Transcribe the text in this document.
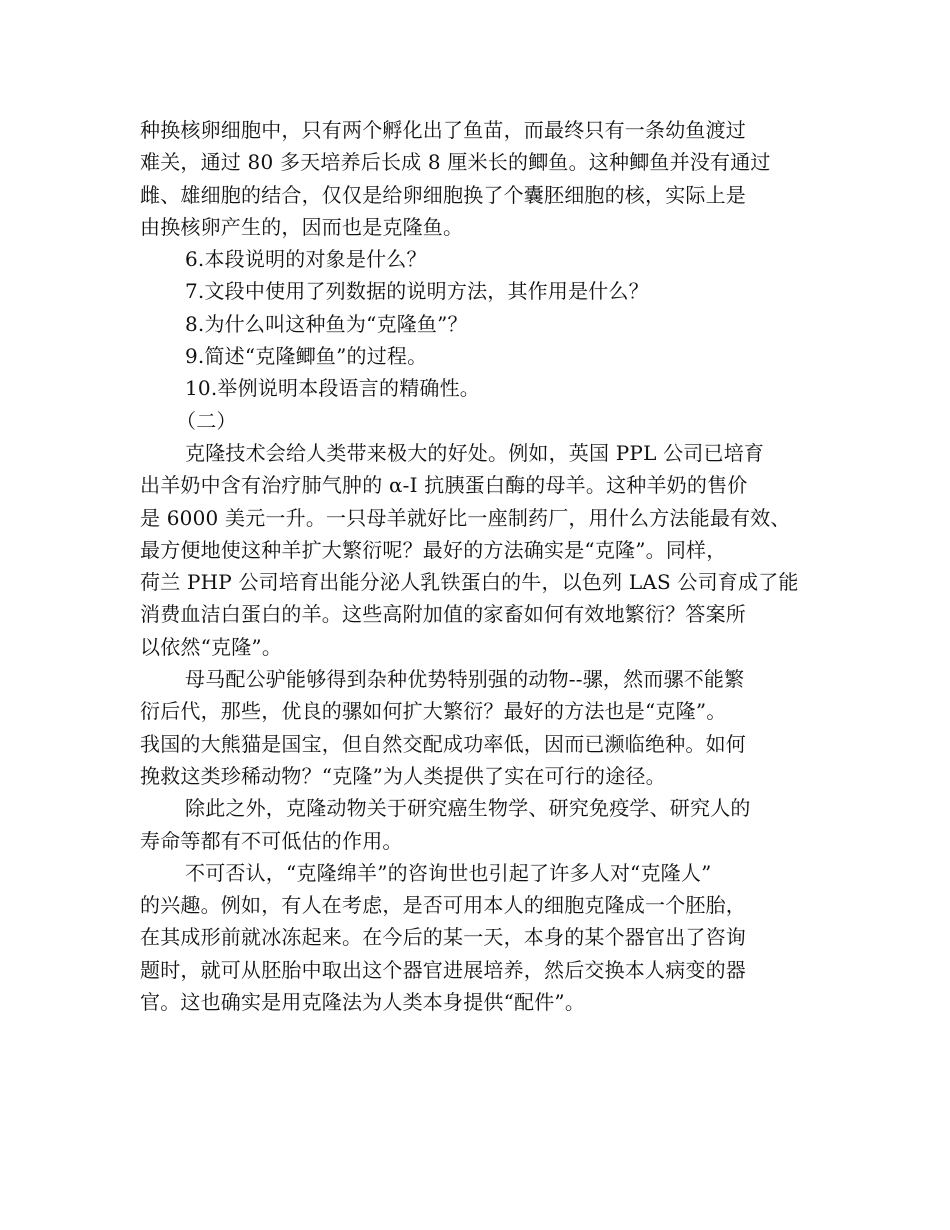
种换核卵细胞中，只有两个孵化出了鱼苗，而最终只有一条幼鱼渡过
难关，通过 80 多天培养后长成 8 厘米长的鲫鱼。这种鲫鱼并没有通过
雌、雄细胞的结合，仅仅是给卵细胞换了个囊胚细胞的核，实际上是
由换核卵产生的，因而也是克隆鱼。
6.本段说明的对象是什么？
7.文段中使用了列数据的说明方法，其作用是什么？
8.为什么叫这种鱼为“克隆鱼”？
9.简述“克隆鲫鱼”的过程。
10.举例说明本段语言的精确性。
（二）
克隆技术会给人类带来极大的好处。例如，英国 PPL 公司已培育
出羊奶中含有治疗肺气肿的 α-I 抗胰蛋白酶的母羊。这种羊奶的售价
是 6000 美元一升。一只母羊就好比一座制药厂，用什么方法能最有效、
最方便地使这种羊扩大繁衍呢？最好的方法确实是“克隆”。同样，
荷兰 PHP 公司培育出能分泌人乳铁蛋白的牛，以色列 LAS 公司育成了能
消费血洁白蛋白的羊。这些高附加值的家畜如何有效地繁衍？答案所
以依然“克隆”。
母马配公驴能够得到杂种优势特别强的动物--骡，然而骡不能繁
衍后代，那些，优良的骡如何扩大繁衍？最好的方法也是“克隆”。
我国的大熊猫是国宝，但自然交配成功率低，因而已濒临绝种。如何
挽救这类珍稀动物？“克隆”为人类提供了实在可行的途径。
除此之外，克隆动物关于研究癌生物学、研究免疫学、研究人的
寿命等都有不可低估的作用。
不可否认，“克隆绵羊”的咨询世也引起了许多人对“克隆人”
的兴趣。例如，有人在考虑，是否可用本人的细胞克隆成一个胚胎，
在其成形前就冰冻起来。在今后的某一天，本身的某个器官出了咨询
题时，就可从胚胎中取出这个器官进展培养，然后交换本人病变的器
官。这也确实是用克隆法为人类本身提供“配件”。
